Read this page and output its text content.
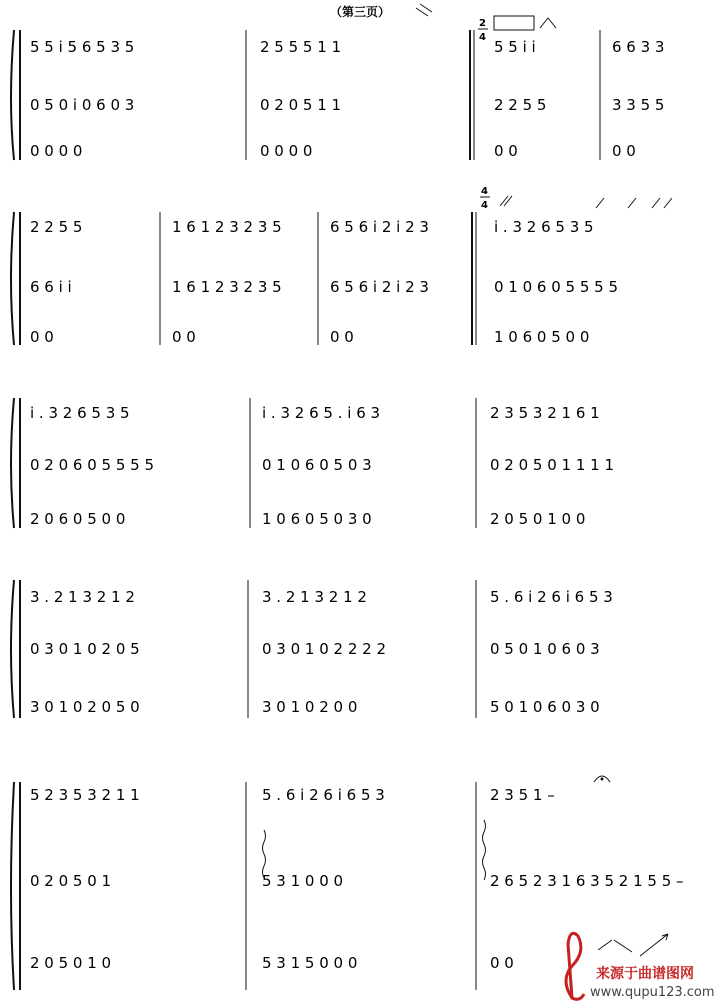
（第三页）
5 5 i 5 6 5 3 5	2 5 5 5 1 1	5 5 i i	6 6 3 3
0 5 0 i 0 6 0 3	0 2 0 5 1 1	2 2 5 5	3 3 5 5
0 0 0 0	0 0 0 0	0 0	0 0
2
4
2 2 5 5	1 6 1 2 3 2 3 5	6 5 6 i 2 i 2 3	i . 3 2 6 5 3 5
6 6 i i	1 6 1 2 3 2 3 5	6 5 6 i 2 i 2 3	0 1 0 6 0 5 5 5 5
0 0	0 0	0 0	1 0 6 0 5 0 0
4
4
i . 3 2 6 5 3 5	i . 3 2 6 5 . i 6 3	2 3 5 3 2 1 6 1
0 2 0 6 0 5 5 5 5	0 1 0 6 0 5 0 3	0 2 0 5 0 1 1 1 1
2 0 6 0 5 0 0	1 0 6 0 5 0 3 0	2 0 5 0 1 0 0
3 . 2 1 3 2 1 2	3 . 2 1 3 2 1 2	5 . 6 i 2 6 i 6 5 3
0 3 0 1 0 2 0 5	0 3 0 1 0 2 2 2 2	0 5 0 1 0 6 0 3
3 0 1 0 2 0 5 0	3 0 1 0 2 0 0	5 0 1 0 6 0 3 0
5 2 3 5 3 2 1 1	5 . 6 i 2 6 i 6 5 3	2 3 5 1 –
0 2 0 5 0 1	5 3 1 0 0 0	2 6 5 2 3 1 6 3 5 2 1 5 5 –
2 0 5 0 1 0	5 3 1 5 0 0 0	0 0
来源于曲谱图网
www.qupu123.com
